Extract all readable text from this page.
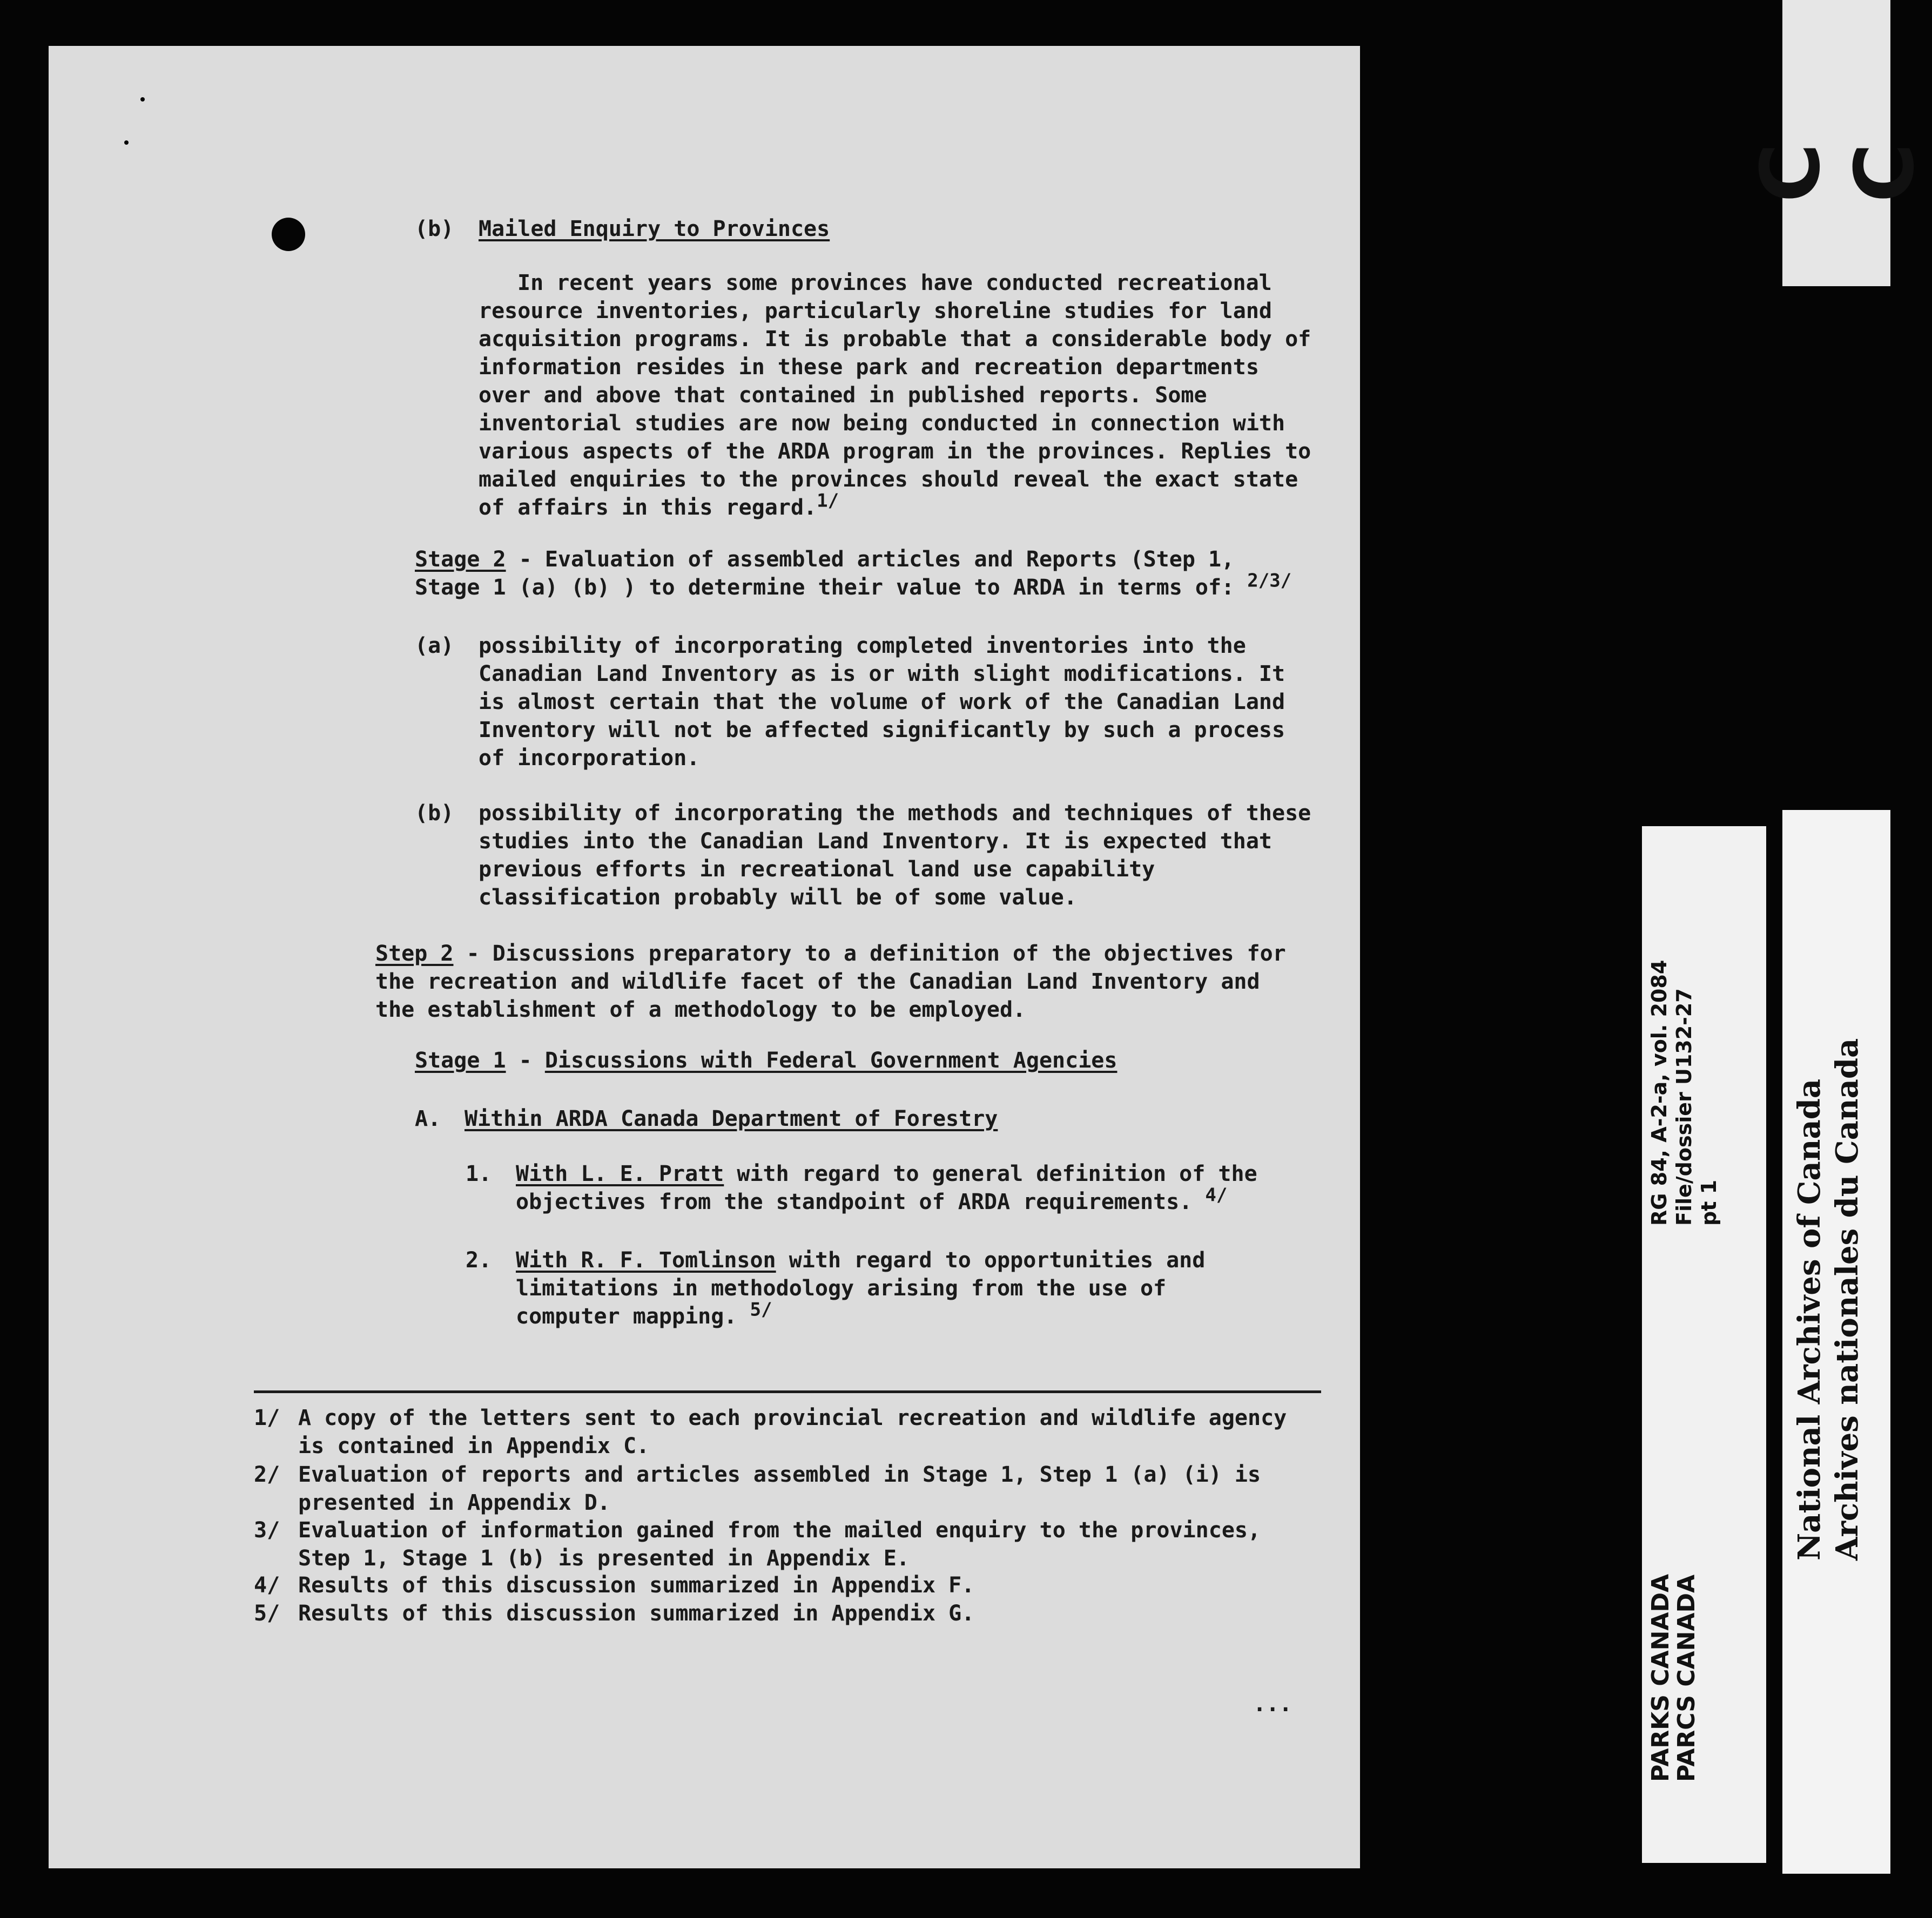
(b) Mailed Enquiry to Provinces
In recent years some provinces have conducted recreational resource inventories, particularly shoreline studies for land acquisition programs. It is probable that a considerable body of information resides in these park and recreation departments over and above that contained in published reports. Some inventorial studies are now being conducted in connection with various aspects of the ARDA program in the provinces. Replies to mailed enquiries to the provinces should reveal the exact state of affairs in this regard.$^{1/}$
Stage 2 - Evaluation of assembled articles and Reports (Step 1, Stage 1 (a) (b) ) to determine their value to ARDA in terms of: $^{2/3/}$
(a) possibility of incorporating completed inventories into the Canadian Land Inventory as is or with slight modifications. It is almost certain that the volume of work of the Canadian Land Inventory will not be affected significantly by such a process of incorporation.
(b) possibility of incorporating the methods and techniques of these studies into the Canadian Land Inventory. It is expected that previous efforts in recreational land use capability classification probably will be of some value.
Step 2 - Discussions preparatory to a definition of the objectives for the recreation and wildlife facet of the Canadian Land Inventory and the establishment of a methodology to be employed.
Stage 1 - Discussions with Federal Government Agencies
A. Within ARDA Canada Department of Forestry
1. With L. E. Pratt with regard to general definition of the objectives from the standpoint of ARDA requirements. $^{4/}$
2. With R. F. Tomlinson with regard to opportunities and limitations in methodology arising from the use of computer mapping. $^{5/}$
1/ A copy of the letters sent to each provincial recreation and wildlife agency is contained in Appendix C.
2/ Evaluation of reports and articles assembled in Stage 1, Step 1 (a) (i) is presented in Appendix D.
3/ Evaluation of information gained from the mailed enquiry to the provinces, Step 1, Stage 1 (b) is presented in Appendix E.
4/ Results of this discussion summarized in Appendix F.
5/ Results of this discussion summarized in Appendix G.
...
C C
PARKS CANADA
PARCS CANADA
RG 84, A-2-a, vol. 2084 File/dossier U132-27 pt 1 National Archives of Canada Archives nationales du Canada
